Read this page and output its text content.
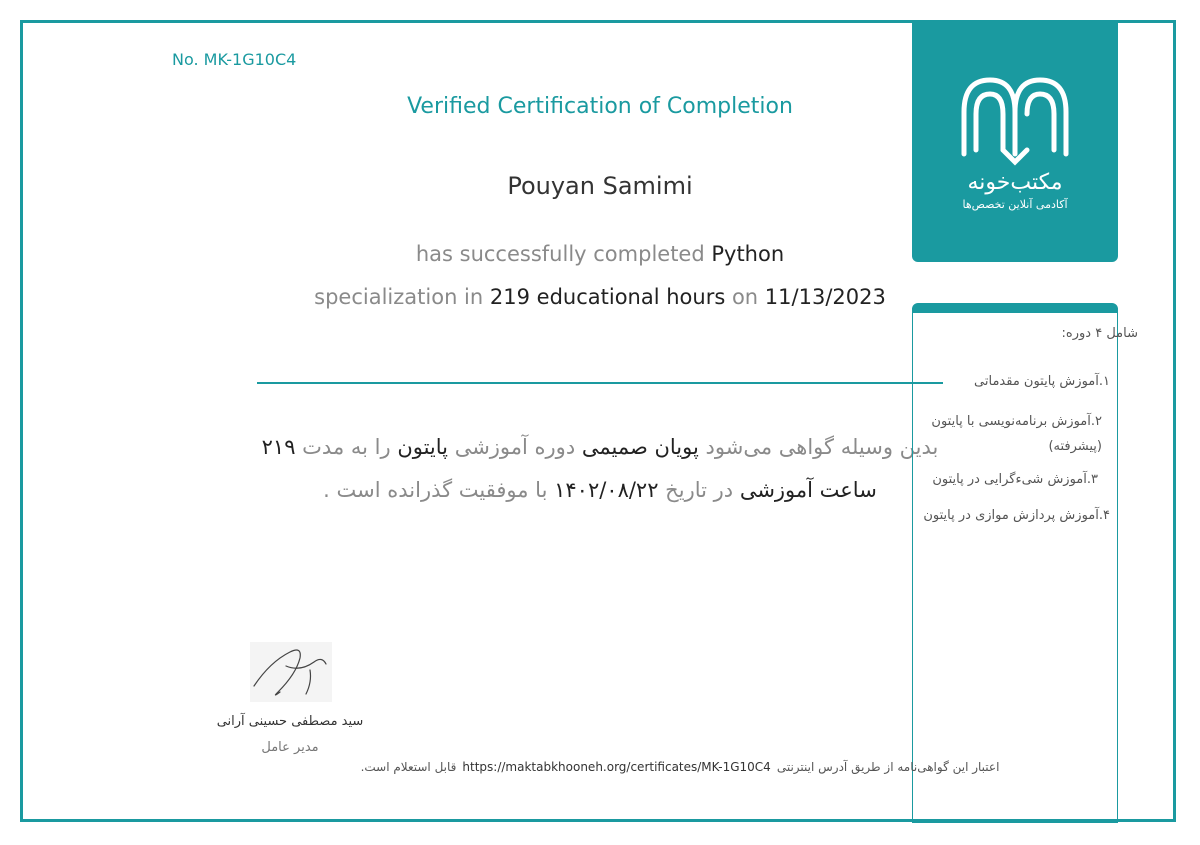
No. MK-1G10C4
Verified Certification of Completion
Pouyan Samimi
has successfully completed Python
specialization in 219 educational hours on 11/13/2023
بدین وسیله گواهی می‌شود پویان صمیمی دوره آموزشی پایتون را به مدت ۲۱۹ ساعت آموزشی در تاریخ ۱۴۰۲/۰۸/۲۲ با موفقیت گذرانده است .
مکتب‌خونه
آکادمی آنلاین تخصص‌ها
شامل ۴ دوره:
۱.آموزش پایتون مقدماتی
۲.آموزش برنامه‌نویسی با پایتون (پیشرفته)
۳.آموزش شیءگرایی در پایتون
۴.آموزش پردازش موازی در پایتون
سید مصطفی حسینی آرانی
مدیر عامل
اعتبار این گواهی‌نامه از طریق آدرس اینترنتیhttps://maktabkhooneh.org/certificates/MK-1G10C4قابل استعلام است.
